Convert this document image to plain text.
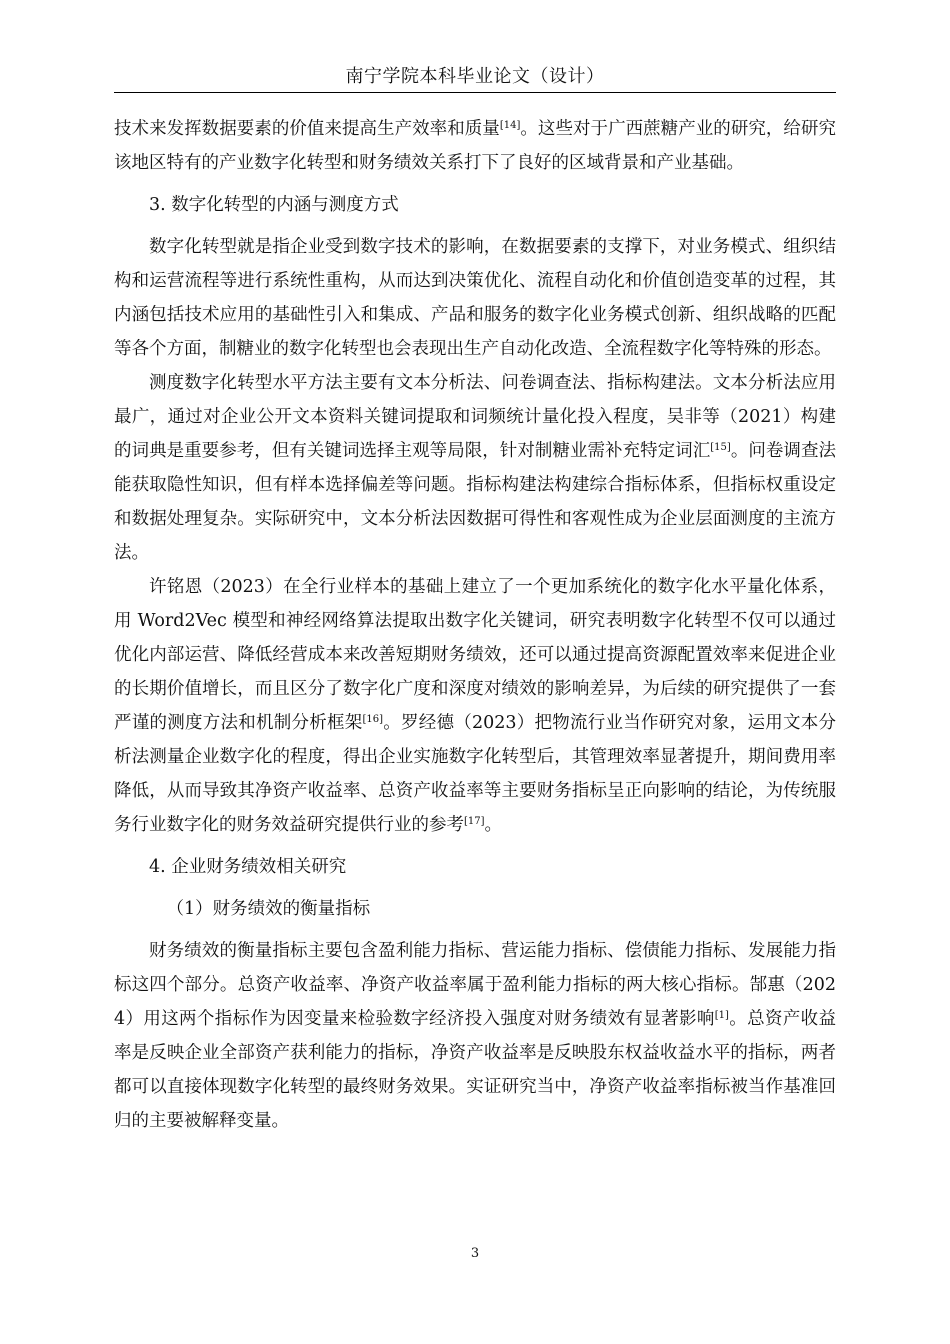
南宁学院本科毕业论文（设计）

技术来发挥数据要素的价值来提高生产效率和质量[14]。这些对于广西蔗糖产业的研究，给研究该地区特有的产业数字化转型和财务绩效关系打下了良好的区域背景和产业基础。

3. 数字化转型的内涵与测度方式

数字化转型就是指企业受到数字技术的影响，在数据要素的支撑下，对业务模式、组织结构和运营流程等进行系统性重构，从而达到决策优化、流程自动化和价值创造变革的过程，其内涵包括技术应用的基础性引入和集成、产品和服务的数字化业务模式创新、组织战略的匹配等各个方面，制糖业的数字化转型也会表现出生产自动化改造、全流程数字化等特殊的形态。

测度数字化转型水平方法主要有文本分析法、问卷调查法、指标构建法。文本分析法应用最广，通过对企业公开文本资料关键词提取和词频统计量化投入程度，吴非等（2021）构建的词典是重要参考，但有关键词选择主观等局限，针对制糖业需补充特定词汇[15]。问卷调查法能获取隐性知识，但有样本选择偏差等问题。指标构建法构建综合指标体系，但指标权重设定和数据处理复杂。实际研究中，文本分析法因数据可得性和客观性成为企业层面测度的主流方法。

许铭恩（2023）在全行业样本的基础上建立了一个更加系统化的数字化水平量化体系，用 Word2Vec 模型和神经网络算法提取出数字化关键词，研究表明数字化转型不仅可以通过优化内部运营、降低经营成本来改善短期财务绩效，还可以通过提高资源配置效率来促进企业的长期价值增长，而且区分了数字化广度和深度对绩效的影响差异，为后续的研究提供了一套严谨的测度方法和机制分析框架[16]。罗经德（2023）把物流行业当作研究对象，运用文本分析法测量企业数字化的程度，得出企业实施数字化转型后，其管理效率显著提升，期间费用率降低，从而导致其净资产收益率、总资产收益率等主要财务指标呈正向影响的结论，为传统服务行业数字化的财务效益研究提供行业的参考[17]。

4. 企业财务绩效相关研究

（1）财务绩效的衡量指标

财务绩效的衡量指标主要包含盈利能力指标、营运能力指标、偿债能力指标、发展能力指标这四个部分。总资产收益率、净资产收益率属于盈利能力指标的两大核心指标。郜惠（2024）用这两个指标作为因变量来检验数字经济投入强度对财务绩效有显著影响[1]。总资产收益率是反映企业全部资产获利能力的指标，净资产收益率是反映股东权益收益水平的指标，两者都可以直接体现数字化转型的最终财务效果。实证研究当中，净资产收益率指标被当作基准回归的主要被解释变量。

3
